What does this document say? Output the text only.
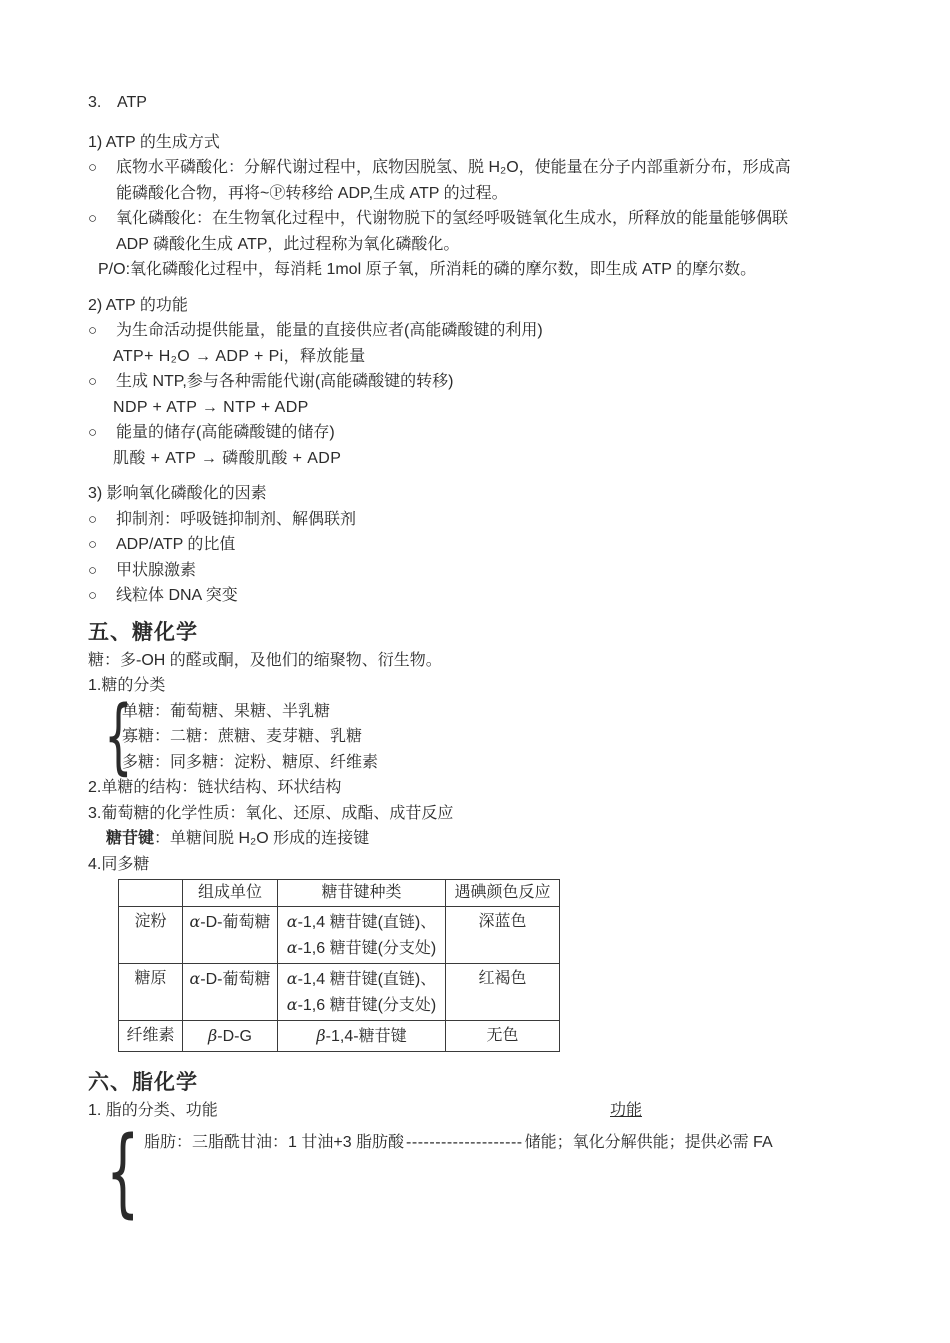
3. ATP
1) ATP 的生成方式
○	底物水平磷酸化：分解代谢过程中，底物因脱氢、脱 H₂O，使能量在分子内部重新分布，形成高能磷酸化合物，再将~Ⓟ转移给 ADP,生成 ATP 的过程。
○	氧化磷酸化：在生物氧化过程中，代谢物脱下的氢经呼吸链氧化生成水，所释放的能量能够偶联 ADP 磷酸化生成 ATP，此过程称为氧化磷酸化。
P/O:氧化磷酸化过程中，每消耗 1mol 原子氧，所消耗的磷的摩尔数，即生成 ATP 的摩尔数。
2) ATP 的功能
○	为生命活动提供能量，能量的直接供应者(高能磷酸键的利用)
ATP+ H₂O → ADP + Pi，释放能量
○	生成 NTP,参与各种需能代谢(高能磷酸键的转移)
NDP + ATP → NTP + ADP
○	能量的储存(高能磷酸键的储存)
肌酸 + ATP → 磷酸肌酸 + ADP
3) 影响氧化磷酸化的因素
○	抑制剂：呼吸链抑制剂、解偶联剂
○	ADP/ATP 的比值
○	甲状腺激素
○	线粒体 DNA 突变
五、糖化学
糖：多-OH 的醛或酮，及他们的缩聚物、衍生物。
1.糖的分类
{
单糖：葡萄糖、果糖、半乳糖
寡糖：二糖：蔗糖、麦芽糖、乳糖
多糖：同多糖：淀粉、糖原、纤维素
2.单糖的结构：链状结构、环状结构
3.葡萄糖的化学性质：氧化、还原、成酯、成苷反应
糖苷键：单糖间脱 H₂O 形成的连接键
4.同多糖
	组成单位	糖苷键种类	遇碘颜色反应
淀粉	α-D-葡萄糖	α-1,4 糖苷键(直链)、
α-1,6 糖苷键(分支处)	深蓝色
糖原	α-D-葡萄糖	α-1,4 糖苷键(直链)、
α-1,6 糖苷键(分支处)	红褐色
纤维素	β-D-G	β-1,4-糖苷键	无色
六、脂化学
1. 脂的分类、功能	功能
{ 脂肪：三脂酰甘油：1 甘油+3 脂肪酸 -------------------- 储能；氧化分解供能；提供必需 FA
